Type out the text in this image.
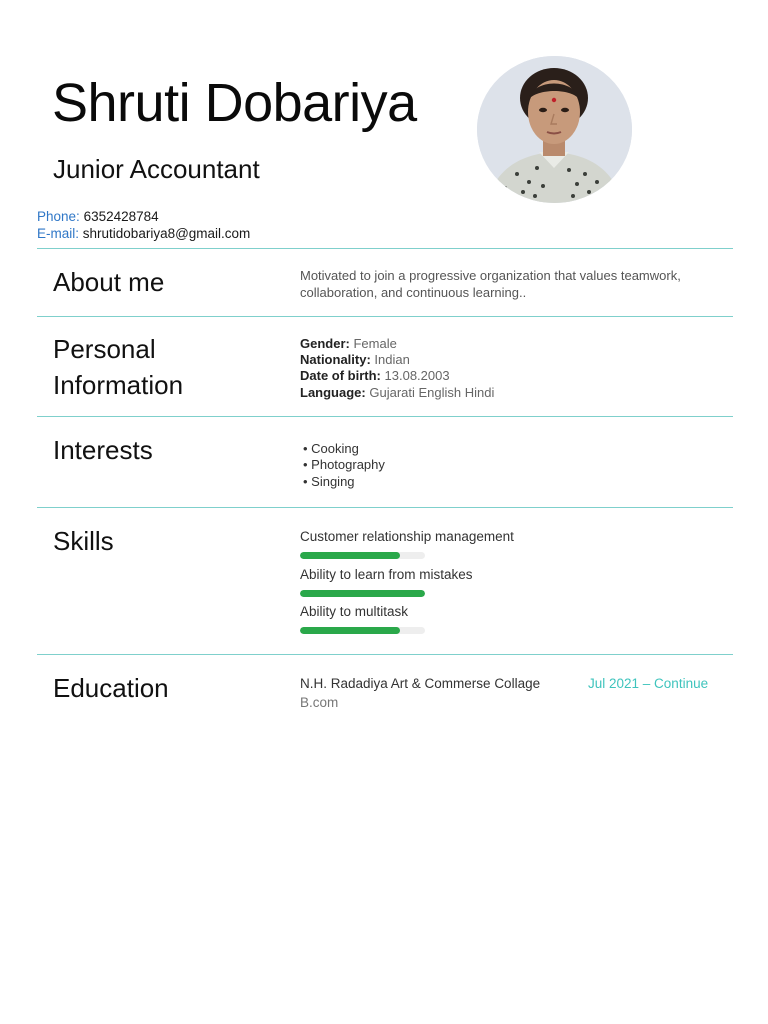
Shruti Dobariya
Junior Accountant
Phone: 6352428784
E-mail: shrutidobariya8@gmail.com
About me	Motivated to join a progressive organization that values teamwork, collaboration, and continuous learning..
Personal
Information
Gender: Female
Nationality: Indian
Date of birth: 13.08.2003
Language: Gujarati English Hindi
Interests	• Cooking
• Photography
• Singing
Skills	Customer relationship management
Ability to learn from mistakes
Ability to multitask
Education	N.H. Radadiya Art & Commerse Collage	Jul 2021 – Continue
B.com
